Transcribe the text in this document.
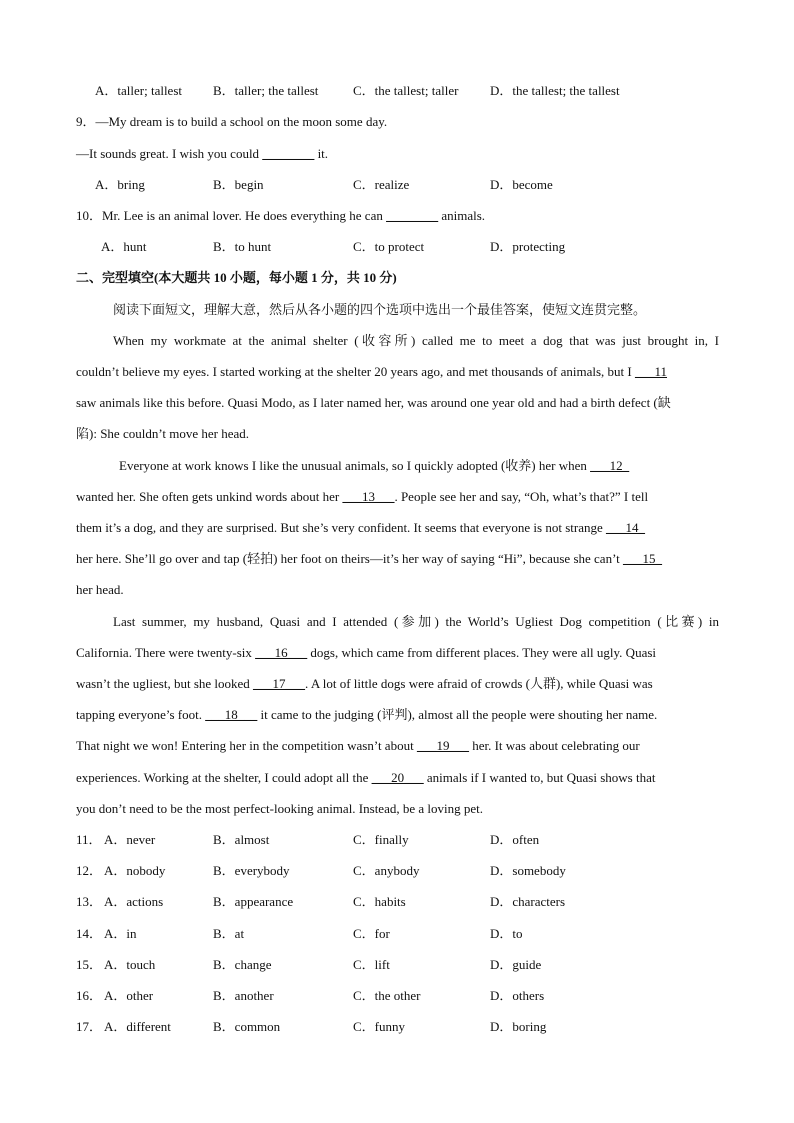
A．taller; tallest B．taller; the tallest	C．the tallest; taller D．the tallest; the tallest
9．—My dream is to build a school on the moon some day.
—It sounds great. I wish you could ________ it.
A．bring	B．begin	C．realize	D．become
10．Mr. Lee is an animal lover. He does everything he can ________ animals.
A．hunt	B．to hunt	C．to protect	D．protecting
二、完型填空(本大题共 10 小题，每小题 1 分，共 10 分)
阅读下面短文，理解大意，然后从各小题的四个选项中选出一个最佳答案，使短文连贯完整。
When my workmate at the animal shelter (收容所) called me to meet a dog that was just brought in, I
couldn’t believe my eyes. I started working at the shelter 20 years ago, and met thousands of animals, but I ___11
saw animals like this before. Quasi Modo, as I later named her, was around one year old and had a birth defect (缺
陷): She couldn’t move her head.
Everyone at work knows I like the unusual animals, so I quickly adopted (收养) her when ___12_
wanted her. She often gets unkind words about her ___13___. People see her and say, “Oh, what’s that?” I tell
them it’s a dog, and they are surprised. But she’s very confident. It seems that everyone is not strange ___14_
her here. She’ll go over and tap (轻拍) her foot on theirs—it’s her way of saying “Hi”, because she can’t ___15_
her head.
Last summer, my husband, Quasi and I attended (参加) the World’s Ugliest Dog competition (比赛) in
California. There were twenty-six ___16___ dogs, which came from different places. They were all ugly. Quasi
wasn’t the ugliest, but she looked ___17___. A lot of little dogs were afraid of crowds (人群), while Quasi was
tapping everyone’s foot. ___18___ it came to the judging (评判), almost all the people were shouting her name.
That night we won! Entering her in the competition wasn’t about ___19___ her. It was about celebrating our
experiences. Working at the shelter, I could adopt all the ___20___ animals if I wanted to, but Quasi shows that
you don’t need to be the most perfect-looking animal. Instead, be a loving pet.
11． A．never	B．almost	C．finally	D．often
12． A．nobody	B．everybody	C．anybody	D．somebody
13． A．actions	B．appearance	C．habits	D．characters
14． A．in	B．at	C．for	D．to
15． A．touch	B．change	C．lift	D．guide
16． A．other	B．another	C．the other	D．others
17． A．different	B．common	C．funny	D．boring
